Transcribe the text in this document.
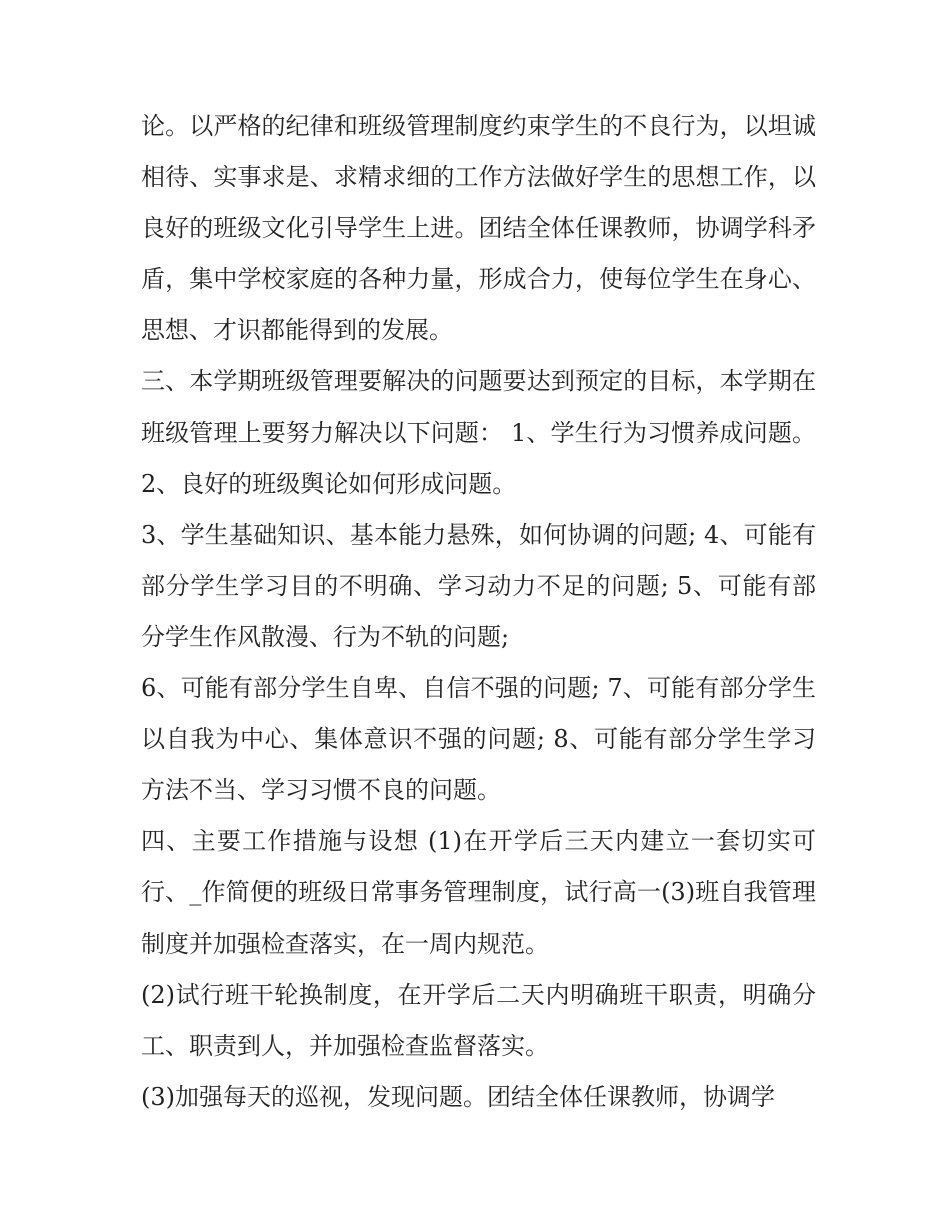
论。以严格的纪律和班级管理制度约束学生的不良行为，以坦诚相待、实事求是、求精求细的工作方法做好学生的思想工作，以良好的班级文化引导学生上进。团结全体任课教师，协调学科矛盾，集中学校家庭的各种力量，形成合力，使每位学生在身心、思想、才识都能得到的发展。

三、本学期班级管理要解决的问题要达到预定的目标，本学期在班级管理上要努力解决以下问题： 1、学生行为习惯养成问题。 2、良好的班级舆论如何形成问题。

3、学生基础知识、基本能力悬殊，如何协调的问题; 4、可能有部分学生学习目的不明确、学习动力不足的问题; 5、可能有部分学生作风散漫、行为不轨的问题;

6、可能有部分学生自卑、自信不强的问题; 7、可能有部分学生以自我为中心、集体意识不强的问题; 8、可能有部分学生学习方法不当、学习习惯不良的问题。

四、主要工作措施与设想 (1)在开学后三天内建立一套切实可行、_作简便的班级日常事务管理制度，试行高一(3)班自我管理制度并加强检查落实，在一周内规范。

(2)试行班干轮换制度，在开学后二天内明确班干职责，明确分工、职责到人，并加强检查监督落实。

(3)加强每天的巡视，发现问题。团结全体任课教师，协调学
